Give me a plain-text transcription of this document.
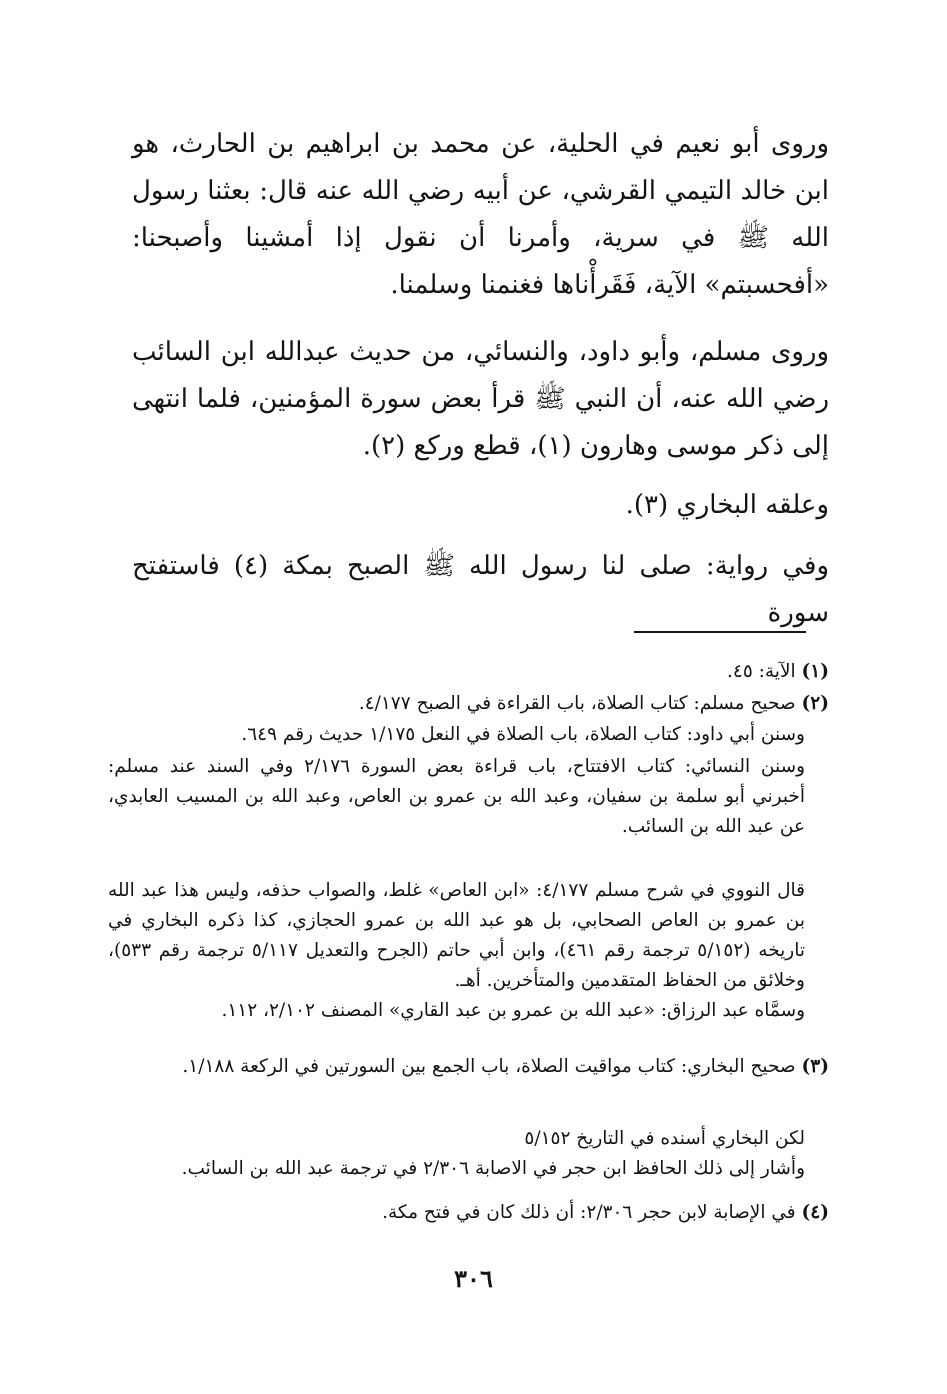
وروى أبو نعيم في الحلية، عن محمد بن ابراهيم بن الحارث، هو ابن خالد التيمي القرشي، عن أبيه رضي الله عنه قال: بعثنا رسول الله ﷺ في سرية، وأمرنا أن نقول إذا أمشينا وأصبحنا: «أفحسبتم» الآية، فَقَرأْناها فغنمنا وسلمنا.

وروى مسلم، وأبو داود، والنسائي، من حديث عبدالله ابن السائب رضي الله عنه، أن النبي ﷺ قرأ بعض سورة المؤمنين، فلما انتهى إلى ذكر موسى وهارون (١)، قطع وركع (٢).

وعلقه البخاري (٣).

وفي رواية: صلى لنا رسول الله ﷺ الصبح بمكة (٤) فاستفتح سورة

(١) الآية: ٤٥.
(٢) صحيح مسلم: كتاب الصلاة، باب القراءة في الصبح ٤/١٧٧.
وسنن أبي داود: كتاب الصلاة، باب الصلاة في النعل ١/١٧٥ حديث رقم ٦٤٩.
وسنن النسائي: كتاب الافتتاح، باب قراءة بعض السورة ٢/١٧٦ وفي السند عند مسلم: أخبرني أبو سلمة بن سفيان، وعبد الله بن عمرو بن العاص، وعبد الله بن المسيب العابدي، عن عبد الله بن السائب.
قال النووي في شرح مسلم ٤/١٧٧: «ابن العاص» غلط، والصواب حذفه، وليس هذا عبد الله بن عمرو بن العاص الصحابي، بل هو عبد الله بن عمرو الحجازي، كذا ذكره البخاري في تاريخه (٥/١٥٢ ترجمة رقم ٤٦١)، وابن أبي حاتم (الجرح والتعديل ٥/١١٧ ترجمة رقم ٥٣٣)، وخلائق من الحفاظ المتقدمين والمتأخرين. أهـ.
وسمَّاه عبد الرزاق: «عبد الله بن عمرو بن عبد القاري» المصنف ٢/١٠٢، ١١٢.
(٣) صحيح البخاري: كتاب مواقيت الصلاة، باب الجمع بين السورتين في الركعة ١/١٨٨.
لكن البخاري أسنده في التاريخ ٥/١٥٢
وأشار إلى ذلك الحافظ ابن حجر في الاصابة ٢/٣٠٦ في ترجمة عبد الله بن السائب.
(٤) في الإصابة لابن حجر ٢/٣٠٦: أن ذلك كان في فتح مكة.
٣٠٦
